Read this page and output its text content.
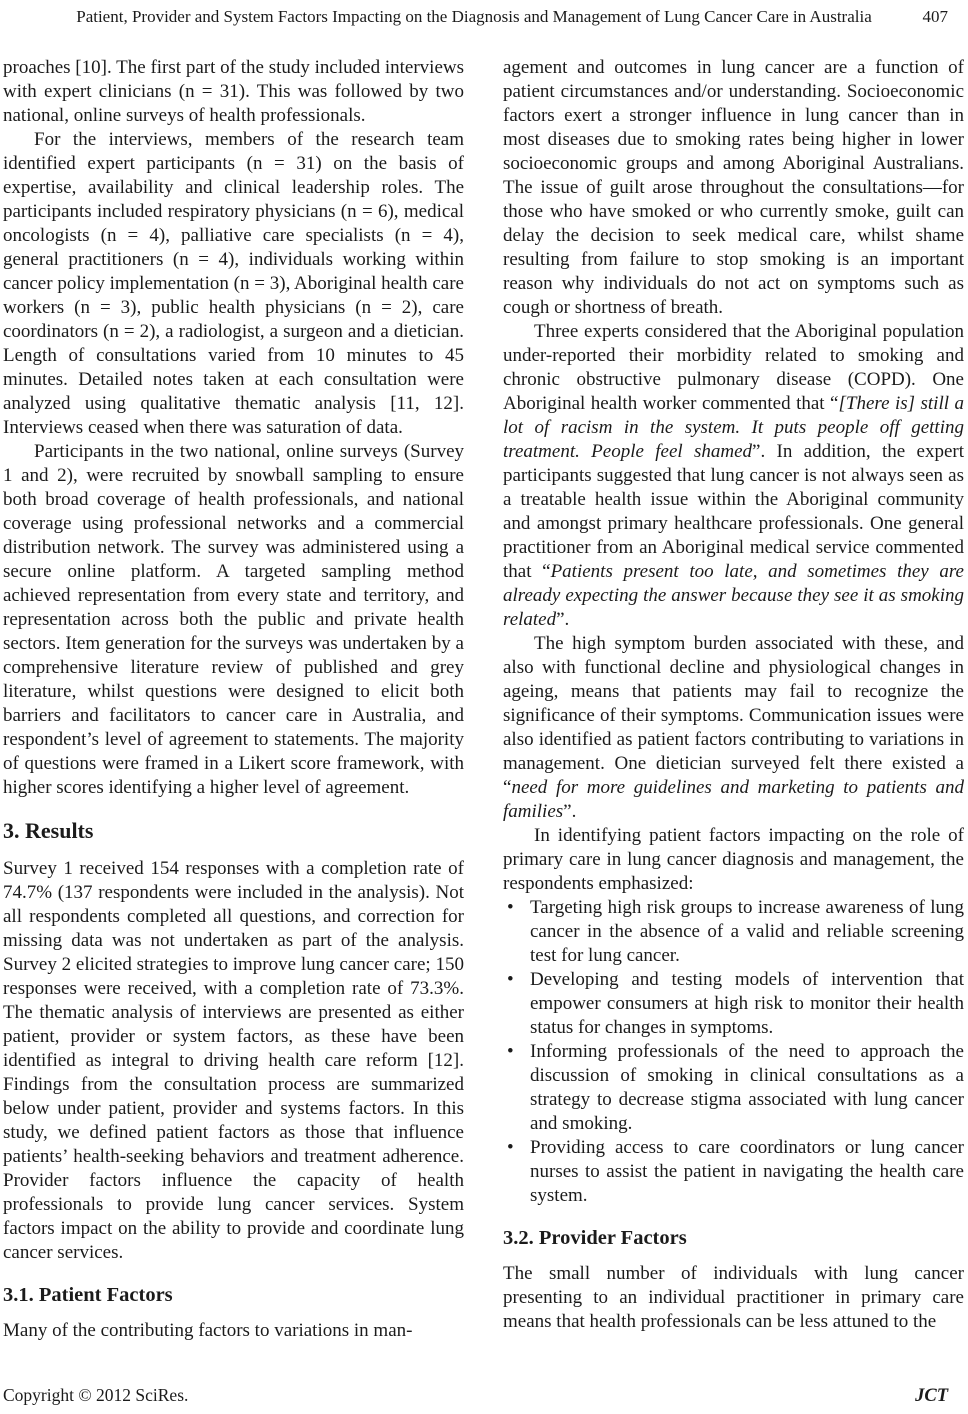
Patient, Provider and System Factors Impacting on the Diagnosis and Management of Lung Cancer Care in Australia	407

proaches [10]. The first part of the study included interviews with expert clinicians (n = 31). This was followed by two national, online surveys of health professionals.

For the interviews, members of the research team identified expert participants (n = 31) on the basis of expertise, availability and clinical leadership roles. The participants included respiratory physicians (n = 6), medical oncologists (n = 4), palliative care specialists (n = 4), general practitioners (n = 4), individuals working within cancer policy implementation (n = 3), Aboriginal health care workers (n = 3), public health physicians (n = 2), care coordinators (n = 2), a radiologist, a surgeon and a dietician. Length of consultations varied from 10 minutes to 45 minutes. Detailed notes taken at each consultation were analyzed using qualitative thematic analysis [11, 12]. Interviews ceased when there was saturation of data.

Participants in the two national, online surveys (Survey 1 and 2), were recruited by snowball sampling to ensure both broad coverage of health professionals, and national coverage using professional networks and a commercial distribution network. The survey was administered using a secure online platform. A targeted sampling method achieved representation from every state and territory, and representation across both the public and private health sectors. Item generation for the surveys was undertaken by a comprehensive literature review of published and grey literature, whilst questions were designed to elicit both barriers and facilitators to cancer care in Australia, and respondent’s level of agreement to statements. The majority of questions were framed in a Likert score framework, with higher scores identifying a higher level of agreement.

3. Results

Survey 1 received 154 responses with a completion rate of 74.7% (137 respondents were included in the analysis). Not all respondents completed all questions, and correction for missing data was not undertaken as part of the analysis. Survey 2 elicited strategies to improve lung cancer care; 150 responses were received, with a completion rate of 73.3%. The thematic analysis of interviews are presented as either patient, provider or system factors, as these have been identified as integral to driving health care reform [12]. Findings from the consultation process are summarized below under patient, provider and systems factors. In this study, we defined patient factors as those that influence patients’ health-seeking behaviors and treatment adherence. Provider factors influence the capacity of health professionals to provide lung cancer services. System factors impact on the ability to provide and coordinate lung cancer services.

3.1. Patient Factors

Many of the contributing factors to variations in man-

agement and outcomes in lung cancer are a function of patient circumstances and/or understanding. Socioeconomic factors exert a stronger influence in lung cancer than in most diseases due to smoking rates being higher in lower socioeconomic groups and among Aboriginal Australians. The issue of guilt arose throughout the consultations—for those who have smoked or who currently smoke, guilt can delay the decision to seek medical care, whilst shame resulting from failure to stop smoking is an important reason why individuals do not act on symptoms such as cough or shortness of breath.

Three experts considered that the Aboriginal population under-reported their morbidity related to smoking and chronic obstructive pulmonary disease (COPD). One Aboriginal health worker commented that “[There is] still a lot of racism in the system. It puts people off getting treatment. People feel shamed”. In addition, the expert participants suggested that lung cancer is not always seen as a treatable health issue within the Aboriginal community and amongst primary healthcare professionals. One general practitioner from an Aboriginal medical service commented that “Patients present too late, and sometimes they are already expecting the answer because they see it as smoking related”.

The high symptom burden associated with these, and also with functional decline and physiological changes in ageing, means that patients may fail to recognize the significance of their symptoms. Communication issues were also identified as patient factors contributing to variations in management. One dietician surveyed felt there existed a “need for more guidelines and marketing to patients and families”.

In identifying patient factors impacting on the role of primary care in lung cancer diagnosis and management, the respondents emphasized:

•
Targeting high risk groups to increase awareness of lung cancer in the absence of a valid and reliable screening test for lung cancer.
•
Developing and testing models of intervention that empower consumers at high risk to monitor their health status for changes in symptoms.
•
Informing professionals of the need to approach the discussion of smoking in clinical consultations as a strategy to decrease stigma associated with lung cancer and smoking.
•
Providing access to care coordinators or lung cancer nurses to assist the patient in navigating the health care system.
3.2. Provider Factors

The small number of individuals with lung cancer presenting to an individual practitioner in primary care means that health professionals can be less attuned to the

Copyright © 2012 SciRes.	JCT
